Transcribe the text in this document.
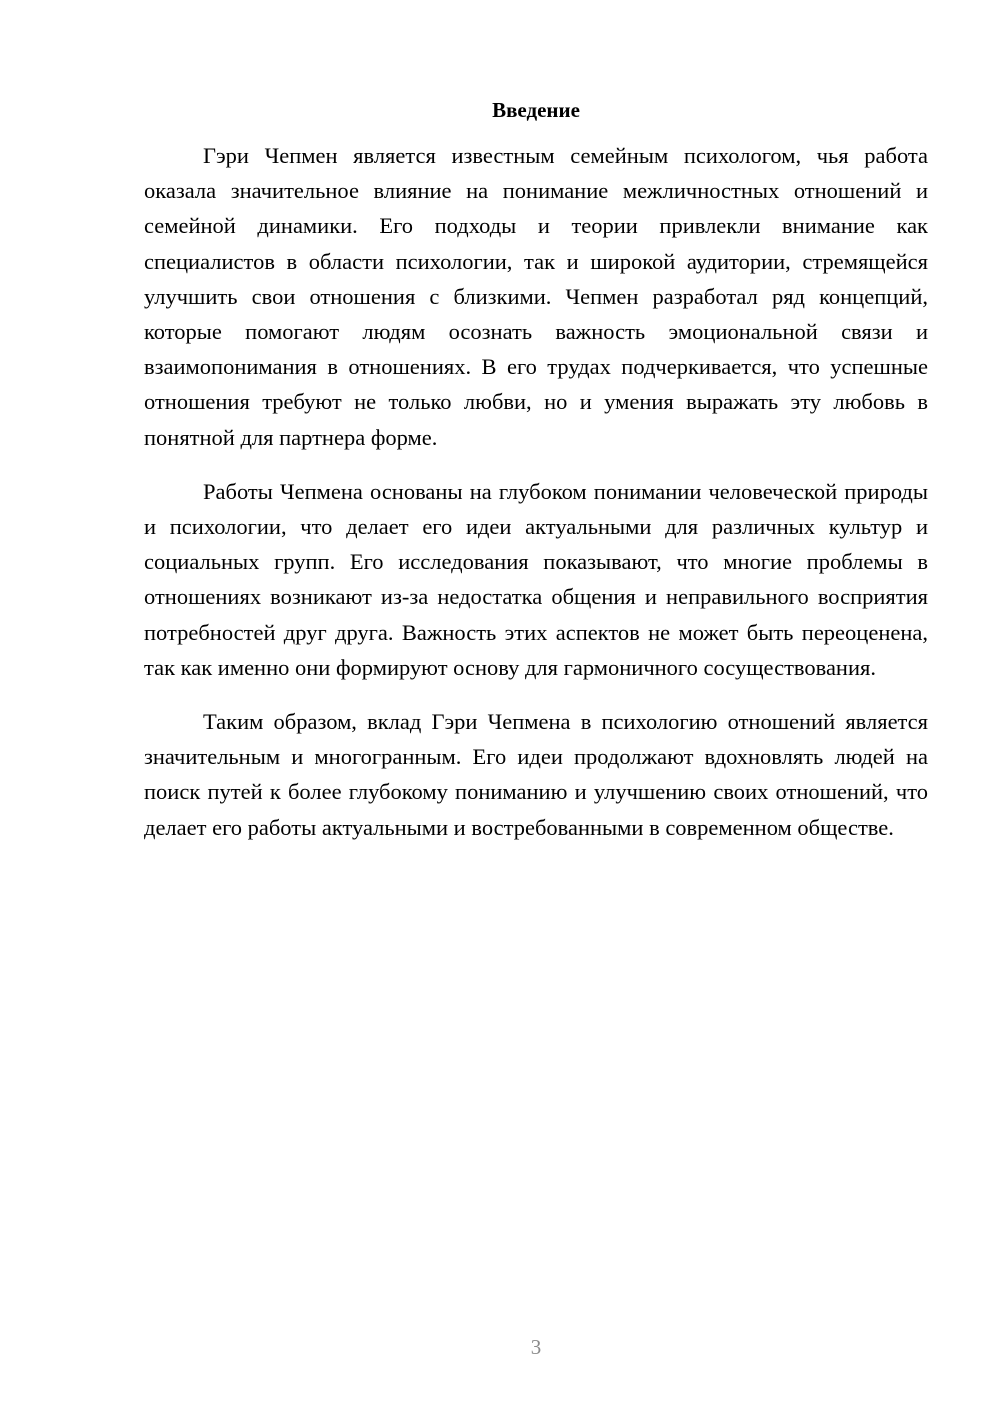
Введение

Гэри Чепмен является известным семейным психологом, чья работа оказала значительное влияние на понимание межличностных отношений и семейной динамики. Его подходы и теории привлекли внимание как специалистов в области психологии, так и широкой аудитории, стремящейся улучшить свои отношения с близкими. Чепмен разработал ряд концепций, которые помогают людям осознать важность эмоциональной связи и взаимопонимания в отношениях. В его трудах подчеркивается, что успешные отношения требуют не только любви, но и умения выражать эту любовь в понятной для партнера форме.

Работы Чепмена основаны на глубоком понимании человеческой природы и психологии, что делает его идеи актуальными для различных культур и социальных групп. Его исследования показывают, что многие проблемы в отношениях возникают из-за недостатка общения и неправильного восприятия потребностей друг друга. Важность этих аспектов не может быть переоценена, так как именно они формируют основу для гармоничного сосуществования.

Таким образом, вклад Гэри Чепмена в психологию отношений является значительным и многогранным. Его идеи продолжают вдохновлять людей на поиск путей к более глубокому пониманию и улучшению своих отношений, что делает его работы актуальными и востребованными в современном обществе.

3
